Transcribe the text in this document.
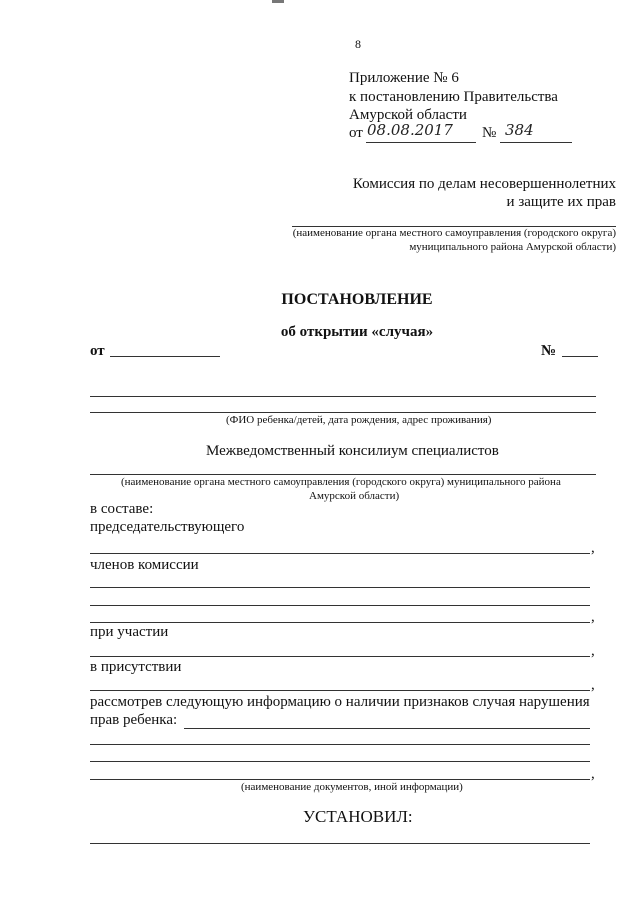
8
Приложение № 6
к постановлению Правительства
Амурской области
от 08.08.2017 № 384
Комиссия по делам несовершеннолетних
и защите их прав
(наименование органа местного самоуправления (городского округа)
муниципального района Амурской области)
ПОСТАНОВЛЕНИЕ
об открытии «случая»
от	№
(ФИО ребенка/детей, дата рождения, адрес проживания)
Межведомственный консилиум специалистов
(наименование органа местного самоуправления (городского округа) муниципального района
Амурской области)
в составе:
председательствующего
,
членов комиссии
,
при участии
,
в присутствии
,
рассмотрев следующую информацию о наличии признаков случая нарушения
прав ребенка:
,
(наименование документов, иной информации)
УСТАНОВИЛ:
